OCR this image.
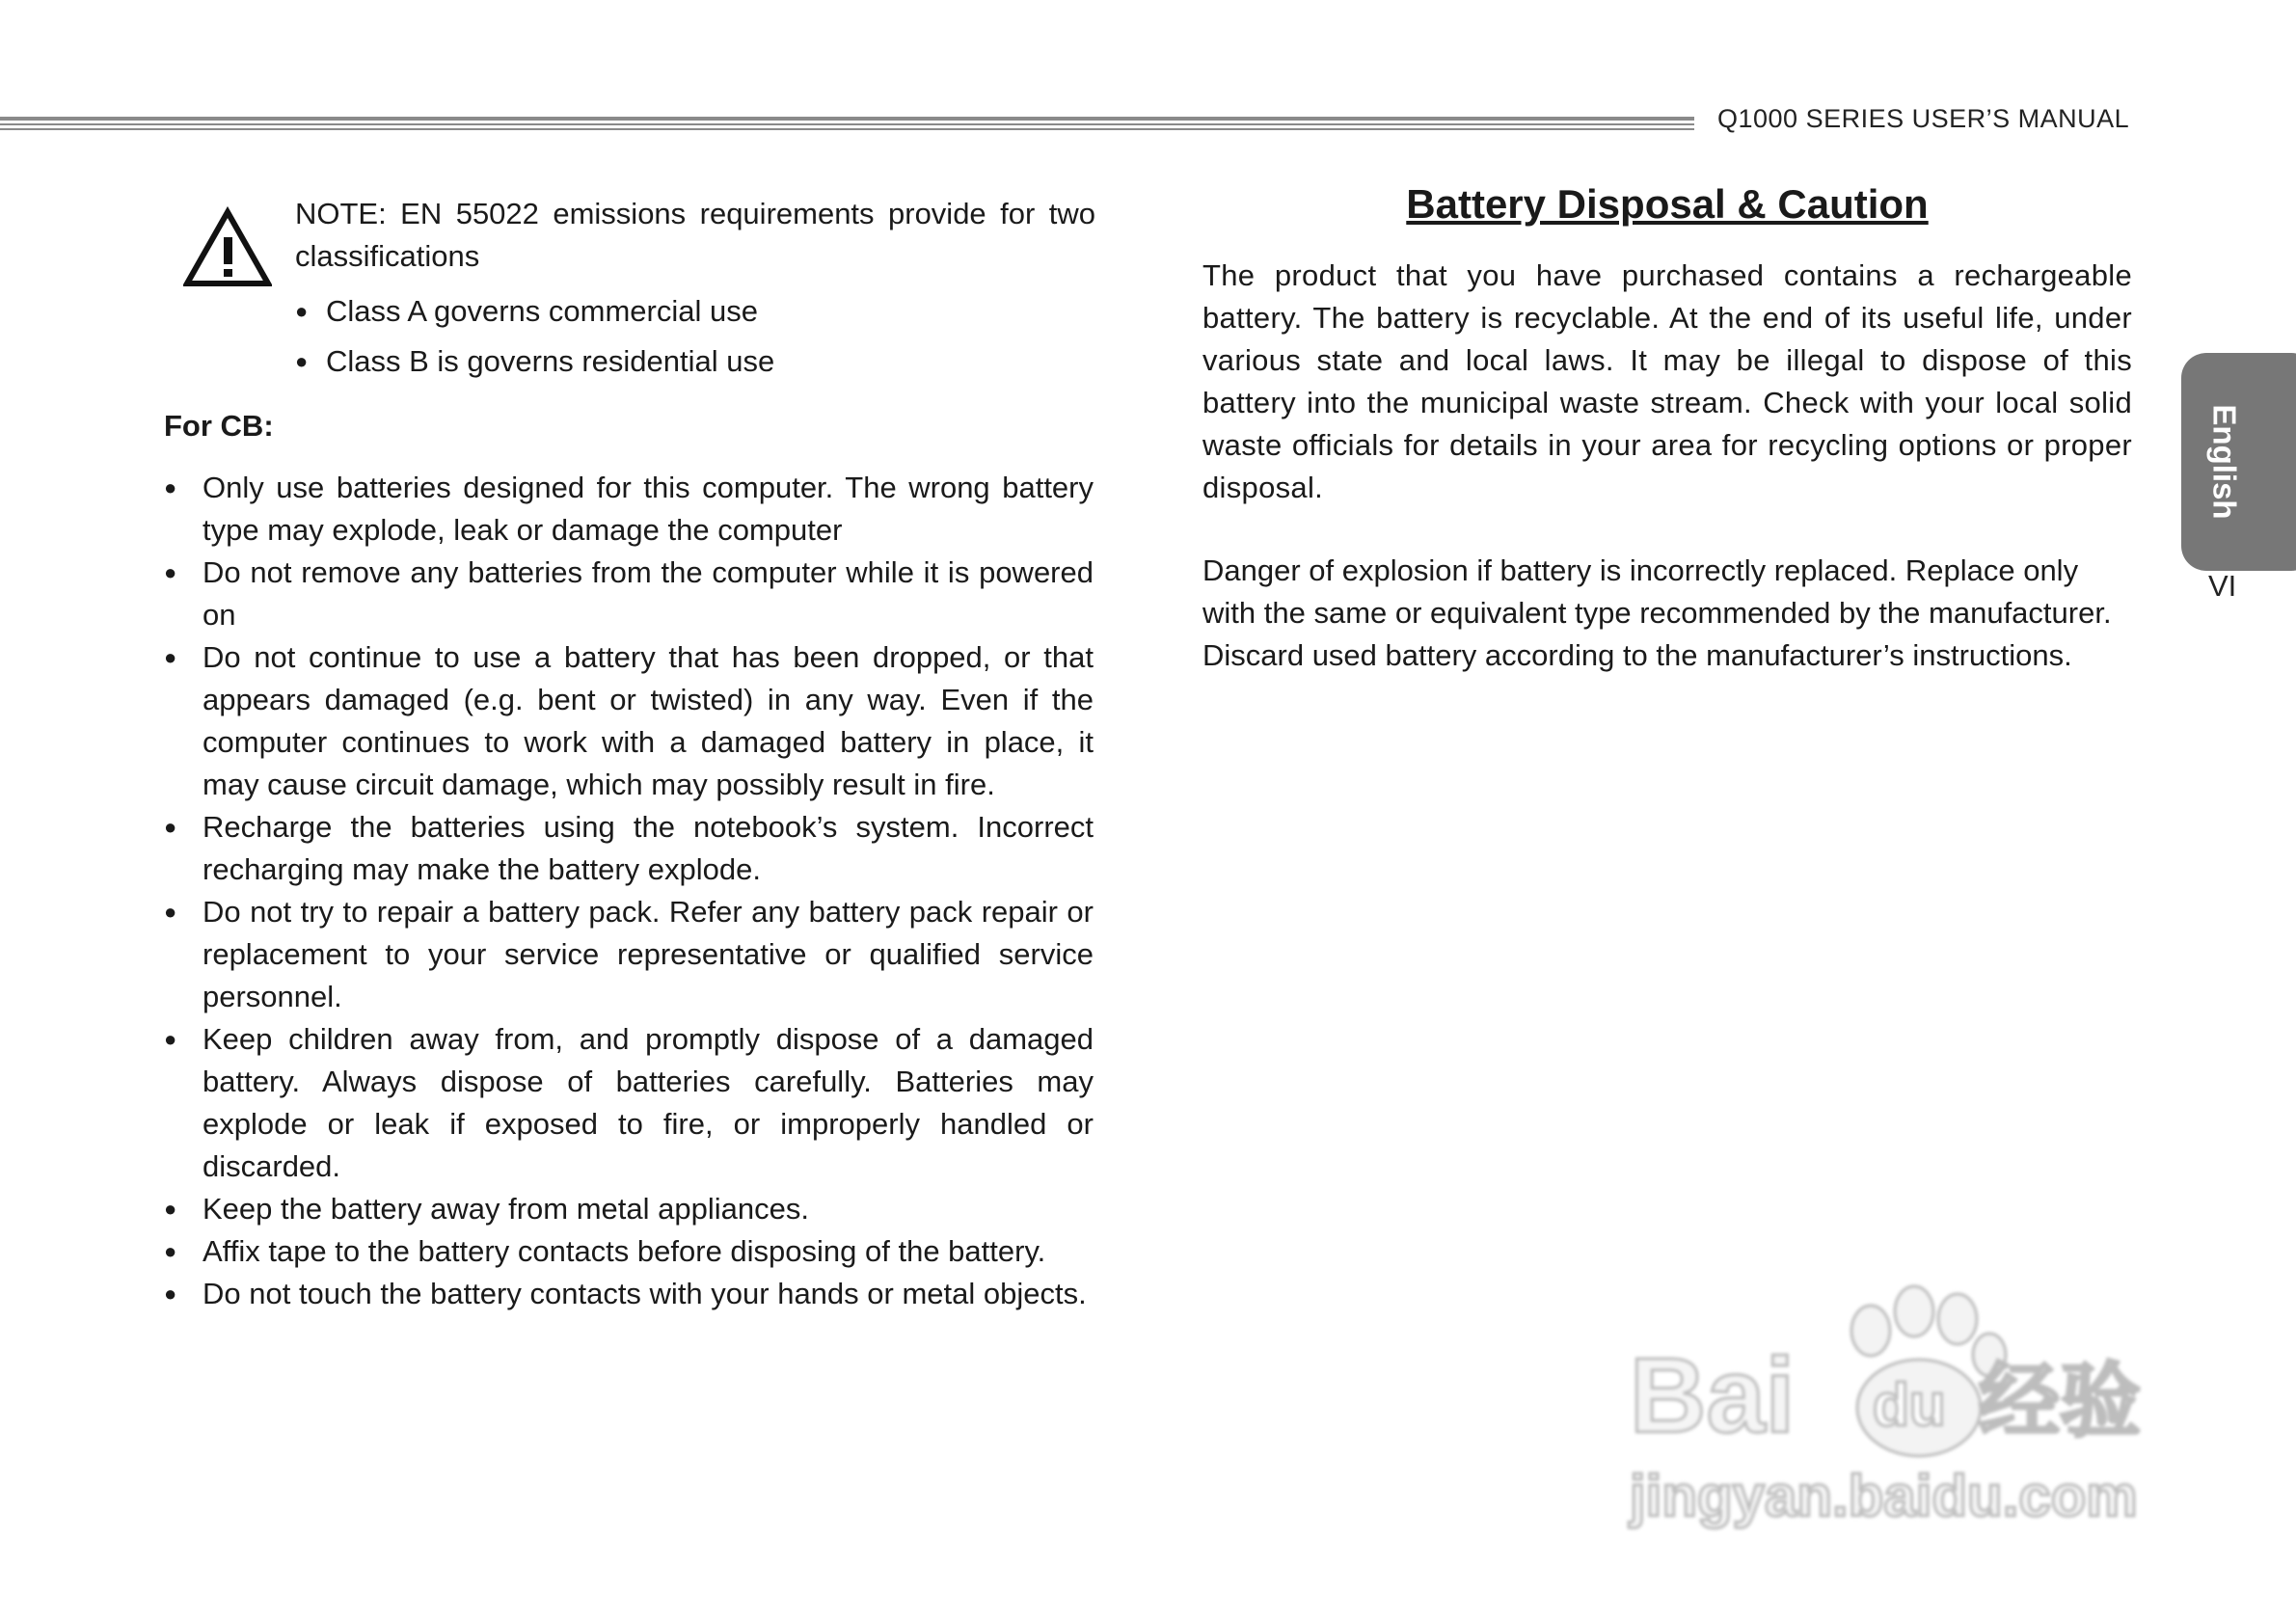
Q1000 SERIES USER’S MANUAL
NOTE: EN 55022 emissions requirements provide for two classifications
● Class A governs commercial use
● Class B is governs residential use
For CB:
● Only use batteries designed for this computer. The wrong battery type may explode, leak or damage the computer
● Do not remove any batteries from the computer while it is powered on
● Do not continue to use a battery that has been dropped, or that appears damaged (e.g. bent or twisted) in any way. Even if the computer continues to work with a damaged battery in place, it may cause circuit damage, which may possibly result in fire.
● Recharge the batteries using the notebook’s system. Incorrect recharging may make the battery explode.
● Do not try to repair a battery pack. Refer any battery pack repair or replacement to your service representative or qualified service personnel.
● Keep children away from, and promptly dispose of a damaged battery. Always dispose of batteries carefully. Batteries may explode or leak if exposed to fire, or improperly handled or discarded.
● Keep the battery away from metal appliances.
● Affix tape to the battery contacts before disposing of the battery.
● Do not touch the battery contacts with your hands or metal objects.
Battery Disposal & Caution

The product that you have purchased contains a rechargeable battery. The battery is recyclable. At the end of its useful life, under various state and local laws. It may be illegal to dispose of this battery into the municipal waste stream. Check with your local solid waste officials for details in your area for recycling options or proper disposal.

Danger of explosion if battery is incorrectly replaced. Replace only
with the same or equivalent type recommended by the manufacturer.
Discard used battery according to the manufacturer’s instructions.
English
VI
Bai du 经验
jingyan.baidu.com
